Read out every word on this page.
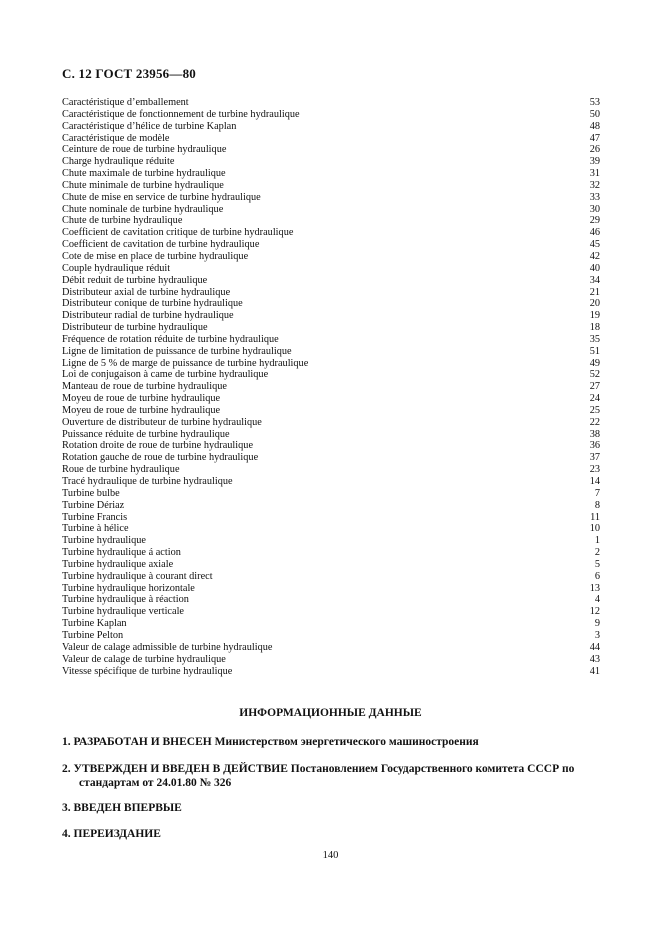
С. 12 ГОСТ 23956—80
Caractéristique d’emballement	53
Caractéristique de fonctionnement de turbine hydraulique	50
Caractéristique d’hélice de turbine Kaplan	48
Caractéristique de modèle	47
Ceinture de roue de turbine hydraulique	26
Charge hydraulique réduite	39
Chute maximale de turbine hydraulique	31
Chute minimale de turbine hydraulique	32
Chute de mise en service de turbine hydraulique	33
Chute nominale de turbine hydraulique	30
Chute de turbine hydraulique	29
Coefficient de cavitation critique de turbine hydraulique	46
Coefficient de cavitation de turbine hydraulique	45
Cote de mise en place de turbine hydraulique	42
Couple hydraulique réduit	40
Débit reduit de turbine hydraulique	34
Distributeur axial de turbine hydraulique	21
Distributeur conique de turbine hydraulique	20
Distributeur radial de turbine hydraulique	19
Distributeur de turbine hydraulique	18
Fréquence de rotation réduite de turbine hydraulique	35
Ligne de limitation de puissance de turbine hydraulique	51
Ligne de 5 % de marge de puissance de turbine hydraulique	49
Loi de conjugaison à came de turbine hydraulique	52
Manteau de roue de turbine hydraulique	27
Moyeu de roue de turbine hydraulique	24
Moyeu de roue de turbine hydraulique	25
Ouverture de distributeur de turbine hydraulique	22
Puissance réduite de turbine hydraulique	38
Rotation droite de roue de turbine hydraulique	36
Rotation gauche de roue de turbine hydraulique	37
Roue de turbine hydraulique	23
Tracé hydraulique de turbine hydraulique	14
Turbine bulbe	7
Turbine Dériaz	8
Turbine Francis	11
Turbine à hélice	10
Turbine hydraulique	1
Turbine hydraulique á action	2
Turbine hydraulique axiale	5
Turbine hydraulique à courant direct	6
Turbine hydraulique horizontale	13
Turbine hydraulique à réaction	4
Turbine hydraulique verticale	12
Turbine Kaplan	9
Turbine Pelton	3
Valeur de calage admissible de turbine hydraulique	44
Valeur de calage de turbine hydraulique	43
Vitesse spécifique de turbine hydraulique	41
ИНФОРМАЦИОННЫЕ ДАННЫЕ
1. РАЗРАБОТАН И ВНЕСЕН Министерством энергетического машиностроения
2. УТВЕРЖДЕН И ВВЕДЕН В ДЕЙСТВИЕ Постановлением Государственного комитета СССР по
стандартам от 24.01.80 № 326
3. ВВЕДЕН ВПЕРВЫЕ
4. ПЕРЕИЗДАНИЕ
140
